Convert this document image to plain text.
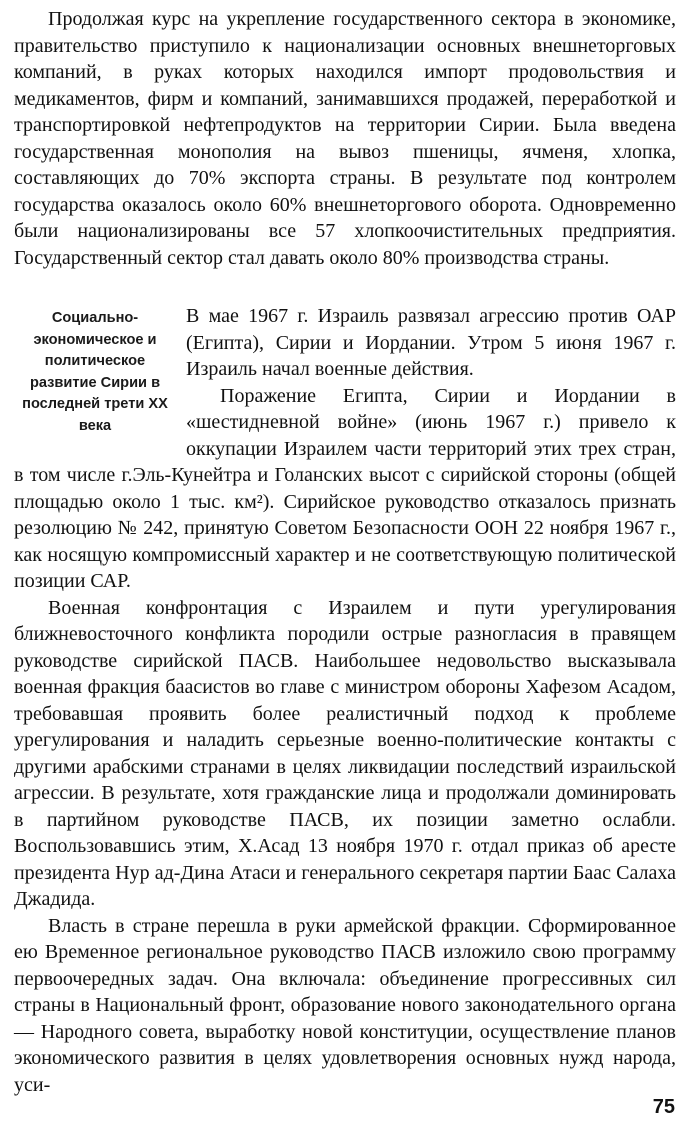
Продолжая курс на укрепление государственного сектора в экономике, правительство приступило к национализации основных внешнеторговых компаний, в руках которых находился импорт продовольствия и медикаментов, фирм и компаний, занимавшихся продажей, переработкой и транспортировкой нефтепродуктов на территории Сирии. Была введена государственная монополия на вывоз пшеницы, ячменя, хлопка, составляющих до 70% экспорта страны. В результате под контролем государства оказалось около 60% внешнеторгового оборота. Одновременно были национализированы все 57 хлопкоочистительных предприятия. Государственный сектор стал давать около 80% производства страны.

Социально-экономическое и политическое развитие Сирии в последней трети XX века

В мае 1967 г. Израиль развязал агрессию против ОАР (Египта), Сирии и Иордании. Утром 5 июня 1967 г. Израиль начал военные действия.

Поражение Египта, Сирии и Иордании в «шестидневной войне» (июнь 1967 г.) привело к оккупации Израилем части территорий этих трех стран, в том числе г.Эль-Кунейтра и Голанских высот с сирийской стороны (общей площадью около 1 тыс. км²). Сирийское руководство отказалось признать резолюцию № 242, принятую Советом Безопасности ООН 22 ноября 1967 г., как носящую компромиссный характер и не соответствующую политической позиции САР.

Военная конфронтация с Израилем и пути урегулирования ближневосточного конфликта породили острые разногласия в правящем руководстве сирийской ПАСВ. Наибольшее недовольство высказывала военная фракция баасистов во главе с министром обороны Хафезом Асадом, требовавшая проявить более реалистичный подход к проблеме урегулирования и наладить серьезные военно-политические контакты с другими арабскими странами в целях ликвидации последствий израильской агрессии. В результате, хотя гражданские лица и продолжали доминировать в партийном руководстве ПАСВ, их позиции заметно ослабли. Воспользовавшись этим, Х.Асад 13 ноября 1970 г. отдал приказ об аресте президента Нур ад-Дина Атаси и генерального секретаря партии Баас Салаха Джадида.

Власть в стране перешла в руки армейской фракции. Сформированное ею Временное региональное руководство ПАСВ изложило свою программу первоочередных задач. Она включала: объединение прогрессивных сил страны в Национальный фронт, образование нового законодательного органа — Народного совета, выработку новой конституции, осуществление планов экономического развития в целях удовлетворения основных нужд народа, уси-

75
